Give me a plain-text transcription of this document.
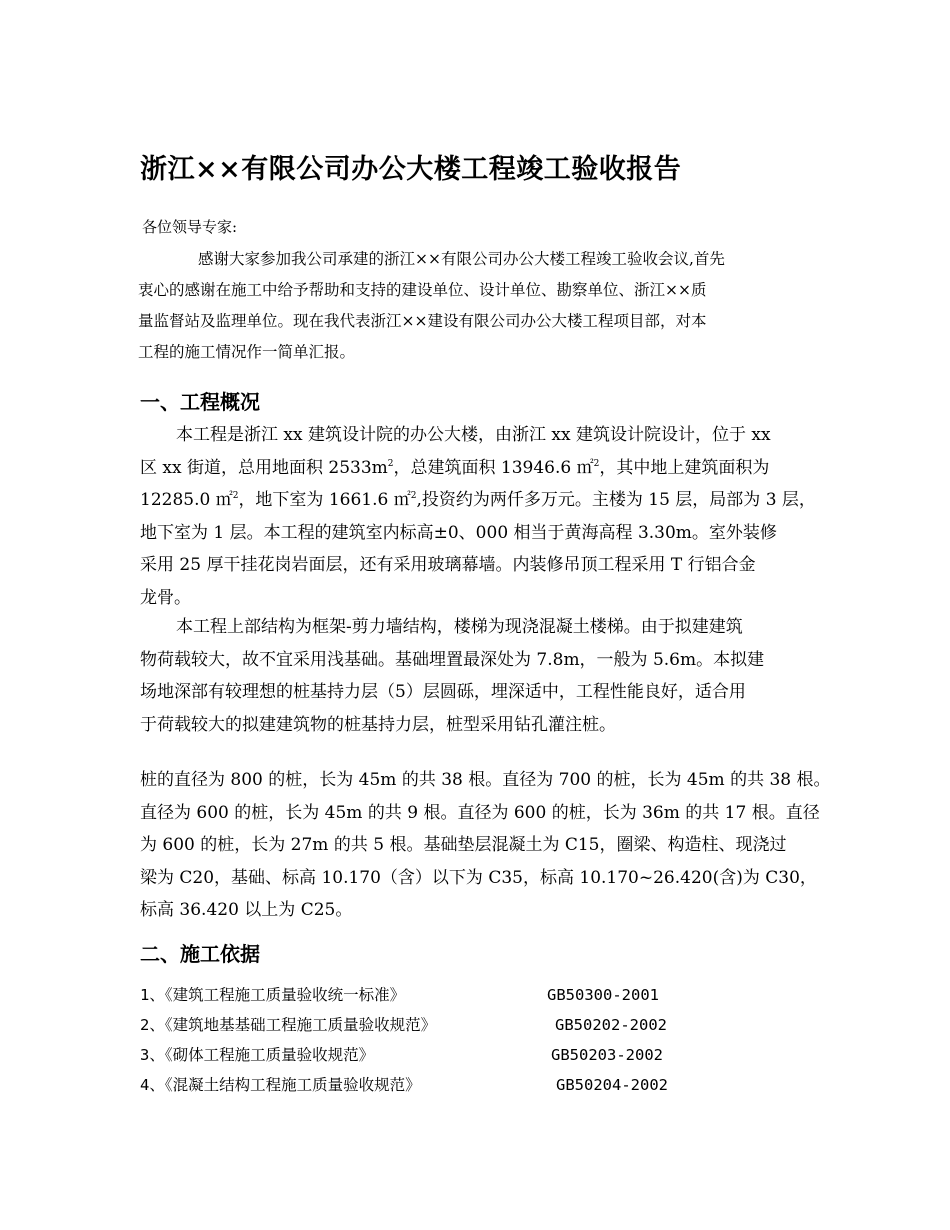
浙江××有限公司办公大楼工程竣工验收报告

各位领导专家:

感谢大家参加我公司承建的浙江××有限公司办公大楼工程竣工验收会议,首先
衷心的感谢在施工中给予帮助和支持的建设单位、设计单位、勘察单位、浙江××质
量监督站及监理单位。现在我代表浙江××建设有限公司办公大楼工程项目部，对本
工程的施工情况作一简单汇报。

一、工程概况

本工程是浙江 xx 建筑设计院的办公大楼，由浙江 xx 建筑设计院设计，位于 xx
区 xx 街道，总用地面积 $2533m^2$，总建筑面积 13946.6 ㎡$^2$，其中地上建筑面积为
12285.0 ㎡$^2$，地下室为 1661.6 ㎡$^2$,投资约为两仟多万元。主楼为 15 层，局部为 3 层，
地下室为 1 层。本工程的建筑室内标高±0、000 相当于黄海高程 3.30m。室外装修
采用 25 厚干挂花岗岩面层，还有采用玻璃幕墙。内装修吊顶工程采用 T 行铝合金
龙骨。

本工程上部结构为框架-剪力墙结构，楼梯为现浇混凝土楼梯。由于拟建建筑
物荷载较大，故不宜采用浅基础。基础埋置最深处为 7.8m，一般为 5.6m。本拟建
场地深部有较理想的桩基持力层（5）层圆砾，埋深适中，工程性能良好，适合用
于荷载较大的拟建建筑物的桩基持力层，桩型采用钻孔灌注桩。

桩的直径为 800 的桩，长为 45m 的共 38 根。直径为 700 的桩，长为 45m 的共 38 根。
直径为 600 的桩，长为 45m 的共 9 根。直径为 600 的桩，长为 36m 的共 17 根。直径
为 600 的桩，长为 27m 的共 5 根。基础垫层混凝土为 C15，圈梁、构造柱、现浇过
梁为 C20，基础、标高 10.170（含）以下为 C35，标高 10.170~26.420(含)为 C30，
标高 36.420 以上为 C25。

二、施工依据
1、《建筑工程施工质量验收统一标准》	GB50300-2001
2、《建筑地基基础工程施工质量验收规范》	GB50202-2002
3、《砌体工程施工质量验收规范》	GB50203-2002
4、《混凝土结构工程施工质量验收规范》	GB50204-2002
